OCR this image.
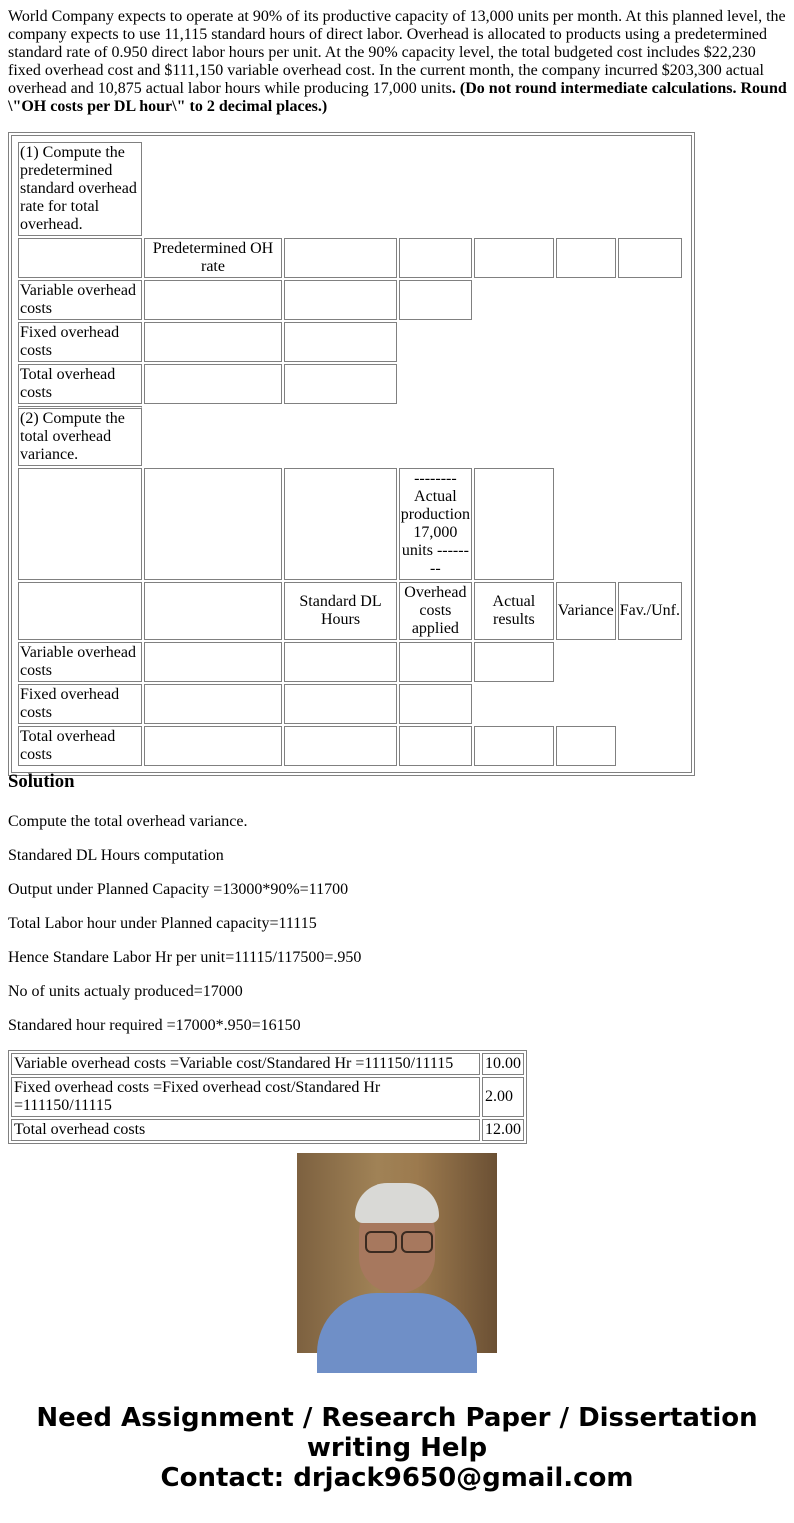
World Company expects to operate at 90% of its productive capacity of 13,000 units per month. At this planned level, the company expects to use 11,115 standard hours of direct labor. Overhead is allocated to products using a predetermined standard rate of 0.950 direct labor hours per unit. At the 90% capacity level, the total budgeted cost includes $22,230 fixed overhead cost and $111,150 variable overhead cost. In the current month, the company incurred $203,300 actual overhead and 10,875 actual labor hours while producing 17,000 units. (Do not round intermediate calculations. Round \"OH costs per DL hour\" to 2 decimal places.)

(1) Compute the predetermined standard overhead rate for total overhead.	
	Predetermined OH rate					
Variable overhead costs				
Fixed overhead costs			
Total overhead costs			
(2) Compute the total overhead variance.	
			-------- Actual production 17,000 units --------		
		Standard DL Hours	Overhead costs applied	Actual results	Variance	Fav./Unf.
Variable overhead costs					
Fixed overhead costs				
Total overhead costs						
Solution

Compute the total overhead variance.

Standared DL Hours computation

Output under Planned Capacity =13000*90%=11700

Total Labor hour under Planned capacity=11115

Hence Standare Labor Hr per unit=11115/117500=.950

No of units actualy produced=17000

Standared hour required =17000*.950=16150

Variable overhead costs =Variable cost/Standared Hr =111150/11115	10.00
Fixed overhead costs =Fixed overhead cost/Standared Hr =111150/11115	2.00
Total overhead costs	12.00
Need Assignment / Research Paper / Dissertation
writing Help
Contact: drjack9650@gmail.com
